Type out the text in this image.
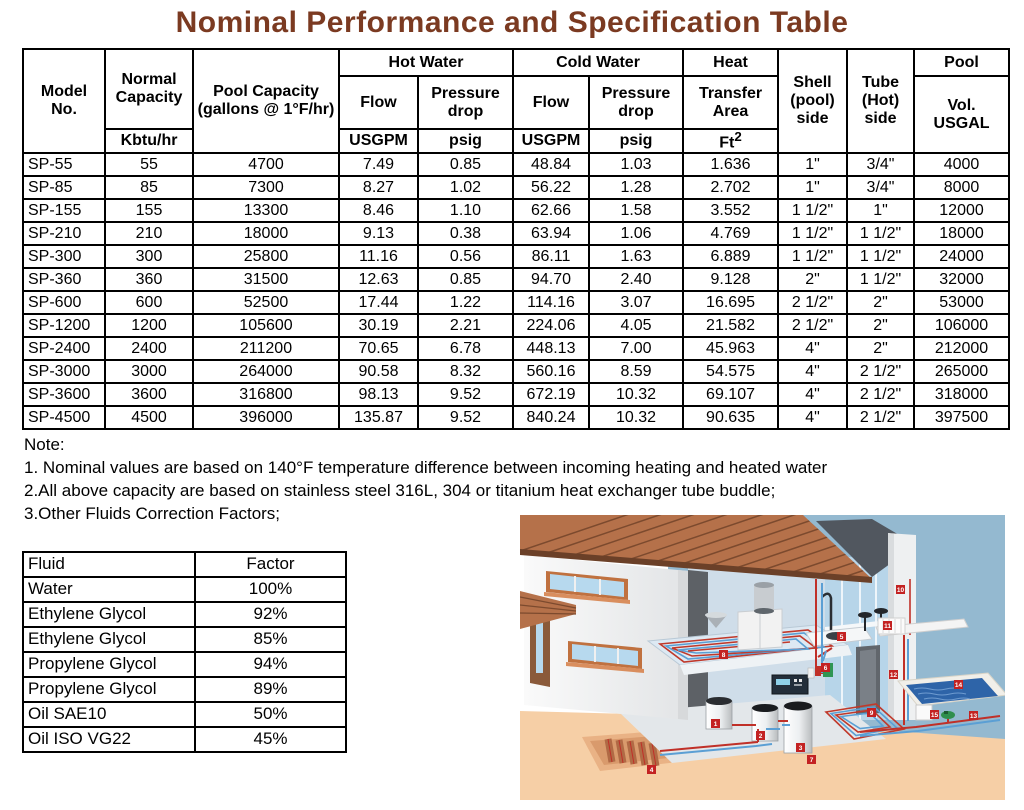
Nominal Performance and Specification Table
Model No.	Normal Capacity	Pool Capacity (gallons @ 1°F/hr)	Hot Water		Cold Water		Heat	Shell (pool) side	Tube (Hot) side	Pool
			Flow	Pressure drop	Flow	Pressure drop	Transfer Area			Vol.
USGAL

	Kbtu/hr		USGPM	psig	USGPM	psig	Ft$^2$
SP-55	55	4700	7.49	0.85	48.84	1.03	1.636	1"	3/4"	4000
SP-85	85	7300	8.27	1.02	56.22	1.28	2.702	1"	3/4"	8000
SP-155	155	13300	8.46	1.10	62.66	1.58	3.552	1 1/2"	1"	12000
SP-210	210	18000	9.13	0.38	63.94	1.06	4.769	1 1/2"	1 1/2"	18000
SP-300	300	25800	11.16	0.56	86.11	1.63	6.889	1 1/2"	1 1/2"	24000
SP-360	360	31500	12.63	0.85	94.70	2.40	9.128	2"	1 1/2"	32000
SP-600	600	52500	17.44	1.22	114.16	3.07	16.695	2 1/2"	2"	53000
SP-1200	1200	105600	30.19	2.21	224.06	4.05	21.582	2 1/2"	2"	106000
SP-2400	2400	211200	70.65	6.78	448.13	7.00	45.963	4"	2"	212000
SP-3000	3000	264000	90.58	8.32	560.16	8.59	54.575	4"	2 1/2"	265000
SP-3600	3600	316800	98.13	9.52	672.19	10.32	69.107	4"	2 1/2"	318000
SP-4500	4500	396000	135.87	9.52	840.24	10.32	90.635	4"	2 1/2"	397500
Note:
1. Nominal values are based on 140°F temperature difference between incoming heating and heated water
2.All above capacity are based on stainless steel 316L, 304 or titanium heat exchanger tube buddle;
3.Other Fluids Correction Factors;
Fluid	Factor
Water	100%
Ethylene Glycol	92%
Ethylene Glycol	85%
Propylene Glycol	94%
Propylene Glycol	89%
Oil SAE10	50%
Oil ISO VG22	45%
1
2
3
4
5
6
7
8
9
10
11
12
13
14
15
